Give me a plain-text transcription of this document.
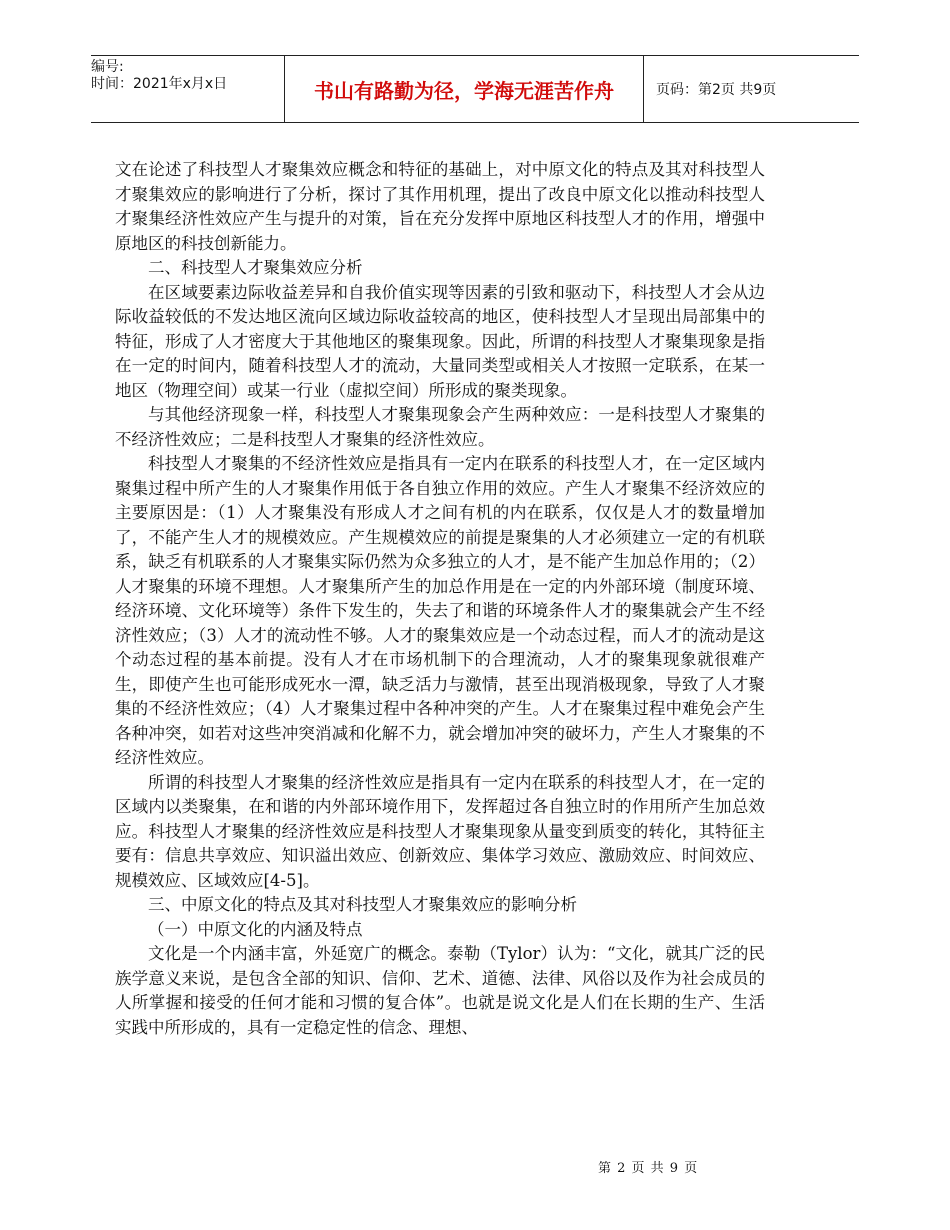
编号:
时间：2021年x月x日	书山有路勤为径，学海无涯苦作舟	页码：第2页 共9页

文在论述了科技型人才聚集效应概念和特征的基础上，对中原文化的特点及其对科技型人才聚集效应的影响进行了分析，探讨了其作用机理，提出了改良中原文化以推动科技型人才聚集经济性效应产生与提升的对策，旨在充分发挥中原地区科技型人才的作用，增强中原地区的科技创新能力。

二、科技型人才聚集效应分析

在区域要素边际收益差异和自我价值实现等因素的引致和驱动下，科技型人才会从边际收益较低的不发达地区流向区域边际收益较高的地区，使科技型人才呈现出局部集中的特征，形成了人才密度大于其他地区的聚集现象。因此，所谓的科技型人才聚集现象是指在一定的时间内，随着科技型人才的流动，大量同类型或相关人才按照一定联系，在某一地区（物理空间）或某一行业（虚拟空间）所形成的聚类现象。

与其他经济现象一样，科技型人才聚集现象会产生两种效应：一是科技型人才聚集的不经济性效应；二是科技型人才聚集的经济性效应。

科技型人才聚集的不经济性效应是指具有一定内在联系的科技型人才，在一定区域内聚集过程中所产生的人才聚集作用低于各自独立作用的效应。产生人才聚集不经济效应的主要原因是：（1）人才聚集没有形成人才之间有机的内在联系，仅仅是人才的数量增加了，不能产生人才的规模效应。产生规模效应的前提是聚集的人才必须建立一定的有机联系，缺乏有机联系的人才聚集实际仍然为众多独立的人才，是不能产生加总作用的；（2）人才聚集的环境不理想。人才聚集所产生的加总作用是在一定的内外部环境（制度环境、经济环境、文化环境等）条件下发生的，失去了和谐的环境条件人才的聚集就会产生不经济性效应；（3）人才的流动性不够。人才的聚集效应是一个动态过程，而人才的流动是这个动态过程的基本前提。没有人才在市场机制下的合理流动，人才的聚集现象就很难产生，即使产生也可能形成死水一潭，缺乏活力与激情，甚至出现消极现象，导致了人才聚集的不经济性效应；（4）人才聚集过程中各种冲突的产生。人才在聚集过程中难免会产生各种冲突，如若对这些冲突消减和化解不力，就会增加冲突的破坏力，产生人才聚集的不经济性效应。

所谓的科技型人才聚集的经济性效应是指具有一定内在联系的科技型人才，在一定的区域内以类聚集，在和谐的内外部环境作用下，发挥超过各自独立时的作用所产生加总效应。科技型人才聚集的经济性效应是科技型人才聚集现象从量变到质变的转化，其特征主要有：信息共享效应、知识溢出效应、创新效应、集体学习效应、激励效应、时间效应、规模效应、区域效应[4-5]。

三、中原文化的特点及其对科技型人才聚集效应的影响分析

（一）中原文化的内涵及特点

文化是一个内涵丰富，外延宽广的概念。泰勒（Tylor）认为：“文化，就其广泛的民族学意义来说，是包含全部的知识、信仰、艺术、道德、法律、风俗以及作为社会成员的人所掌握和接受的任何才能和习惯的复合体”。也就是说文化是人们在长期的生产、生活实践中所形成的，具有一定稳定性的信念、理想、

第 2 页 共 9 页
